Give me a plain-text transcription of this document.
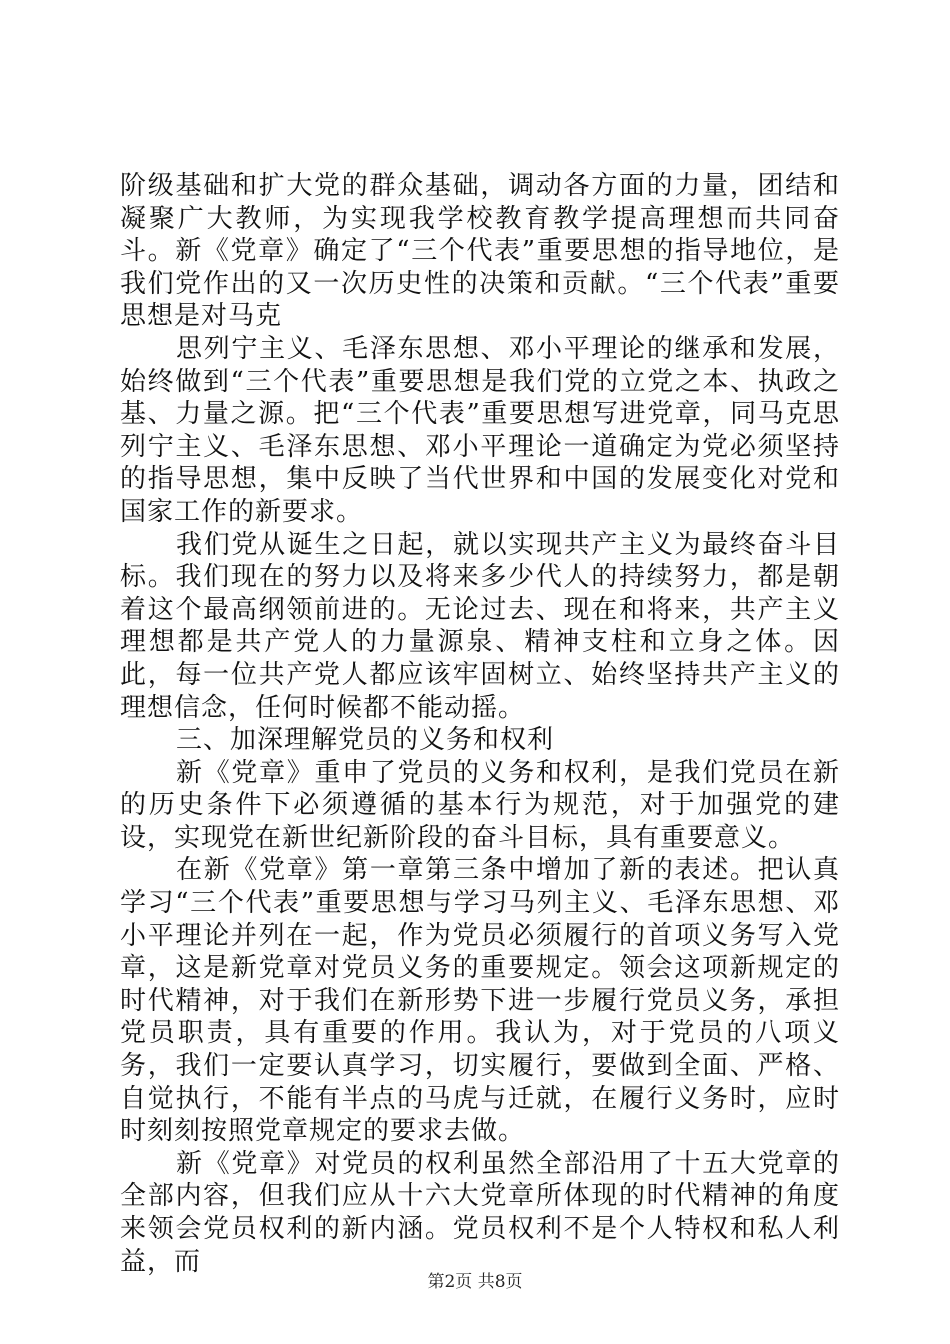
阶级基础和扩大党的群众基础，调动各方面的力量，团结和凝聚广大教师，为实现我学校教育教学提高理想而共同奋斗。新《党章》确定了“三个代表”重要思想的指导地位，是我们党作出的又一次历史性的决策和贡献。“三个代表”重要思想是对马克

思列宁主义、毛泽东思想、邓小平理论的继承和发展，始终做到“三个代表”重要思想是我们党的立党之本、执政之基、力量之源。把“三个代表”重要思想写进党章，同马克思列宁主义、毛泽东思想、邓小平理论一道确定为党必须坚持的指导思想，集中反映了当代世界和中国的发展变化对党和国家工作的新要求。

我们党从诞生之日起，就以实现共产主义为最终奋斗目标。我们现在的努力以及将来多少代人的持续努力，都是朝着这个最高纲领前进的。无论过去、现在和将来，共产主义理想都是共产党人的力量源泉、精神支柱和立身之体。因此，每一位共产党人都应该牢固树立、始终坚持共产主义的理想信念，任何时候都不能动摇。

三、加深理解党员的义务和权利

新《党章》重申了党员的义务和权利，是我们党员在新的历史条件下必须遵循的基本行为规范，对于加强党的建设，实现党在新世纪新阶段的奋斗目标，具有重要意义。

在新《党章》第一章第三条中增加了新的表述。把认真学习“三个代表”重要思想与学习马列主义、毛泽东思想、邓小平理论并列在一起，作为党员必须履行的首项义务写入党章，这是新党章对党员义务的重要规定。领会这项新规定的时代精神，对于我们在新形势下进一步履行党员义务，承担党员职责，具有重要的作用。我认为，对于党员的八项义务，我们一定要认真学习，切实履行，要做到全面、严格、自觉执行，不能有半点的马虎与迁就，在履行义务时，应时时刻刻按照党章规定的要求去做。

新《党章》对党员的权利虽然全部沿用了十五大党章的全部内容，但我们应从十六大党章所体现的时代精神的角度来领会党员权利的新内涵。党员权利不是个人特权和私人利益，而

第2页 共8页
